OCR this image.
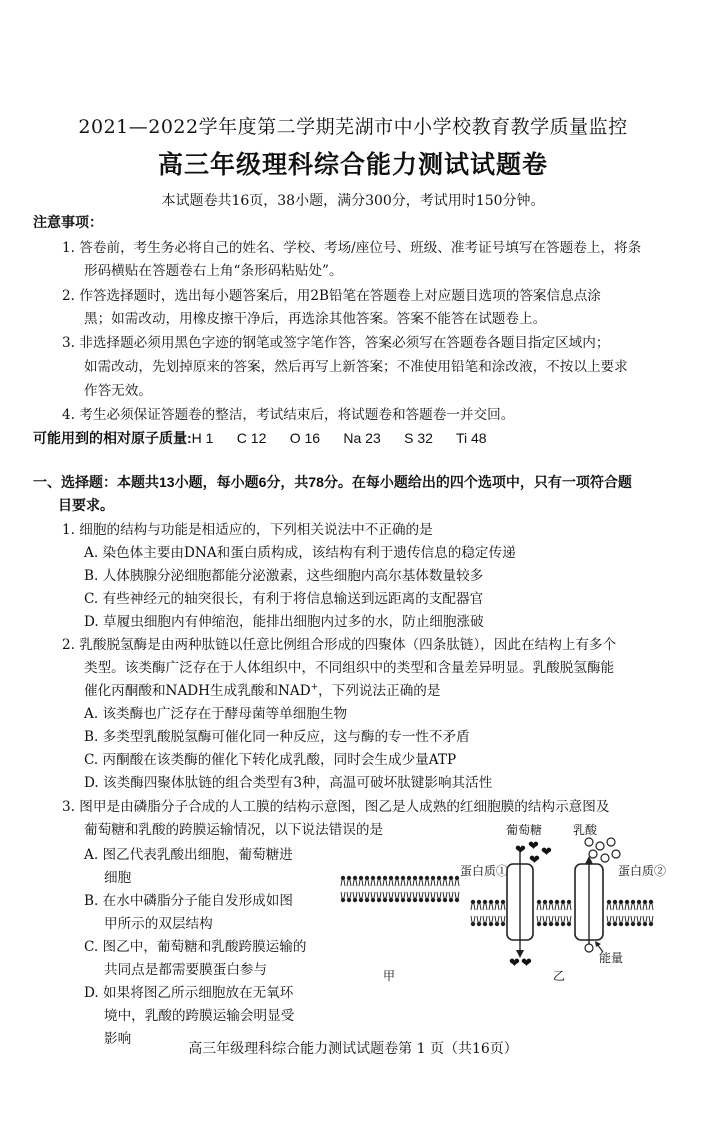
2021—2022学年度第二学期芜湖市中小学校教育教学质量监控
高三年级理科综合能力测试试题卷
本试题卷共16页，38小题，满分300分，考试用时150分钟。
注意事项：
1. 答卷前，考生务必将自己的姓名、学校、考场/座位号、班级、准考证号填写在答题卷上，将条
形码横贴在答题卷右上角“条形码粘贴处”。
2. 作答选择题时，选出每小题答案后，用2B铅笔在答题卷上对应题目选项的答案信息点涂
黑；如需改动，用橡皮擦干净后，再选涂其他答案。答案不能答在试题卷上。
3. 非选择题必须用黑色字迹的钢笔或签字笔作答，答案必须写在答题卷各题目指定区域内；
如需改动，先划掉原来的答案，然后再写上新答案；不准使用铅笔和涂改液，不按以上要求
作答无效。
4. 考生必须保证答题卷的整洁，考试结束后，将试题卷和答题卷一并交回。
可能用到的相对原子质量:H 1      C 12      O 16      Na 23      S 32      Ti 48
一、选择题：本题共13小题，每小题6分，共78分。在每小题给出的四个选项中，只有一项符合题
目要求。
1. 细胞的结构与功能是相适应的，下列相关说法中不正确的是
A. 染色体主要由DNA和蛋白质构成，该结构有利于遗传信息的稳定传递
B. 人体胰腺分泌细胞都能分泌激素，这些细胞内高尔基体数量较多
C. 有些神经元的轴突很长，有利于将信息输送到远距离的支配器官
D. 草履虫细胞内有伸缩泡，能排出细胞内过多的水，防止细胞涨破
2. 乳酸脱氢酶是由两种肽链以任意比例组合形成的四聚体（四条肽链），因此在结构上有多个
类型。该类酶广泛存在于人体组织中，不同组织中的类型和含量差异明显。乳酸脱氢酶能
催化丙酮酸和NADH生成乳酸和NAD+，下列说法正确的是
A. 该类酶也广泛存在于酵母菌等单细胞生物
B. 多类型乳酸脱氢酶可催化同一种反应，这与酶的专一性不矛盾
C. 丙酮酸在该类酶的催化下转化成乳酸，同时会生成少量ATP
D. 该类酶四聚体肽链的组合类型有3种，高温可破坏肽键影响其活性
3. 图甲是由磷脂分子合成的人工膜的结构示意图，图乙是人成熟的红细胞膜的结构示意图及
葡萄糖和乳酸的跨膜运输情况，以下说法错误的是
A. 图乙代表乳酸出细胞，葡萄糖进
细胞
B. 在水中磷脂分子能自发形成如图
甲所示的双层结构
C. 图乙中，葡萄糖和乳酸跨膜运输的
共同点是都需要膜蛋白参与
D. 如果将图乙所示细胞放在无氧环
境中，乳酸的跨膜运输会明显受
影响
❤ ❤ ❤
❤
❤ ❤
葡萄糖	乳酸
蛋白质①	蛋白质②
能量
甲	乙
高三年级理科综合能力测试试题卷第 1 页（共16页）
